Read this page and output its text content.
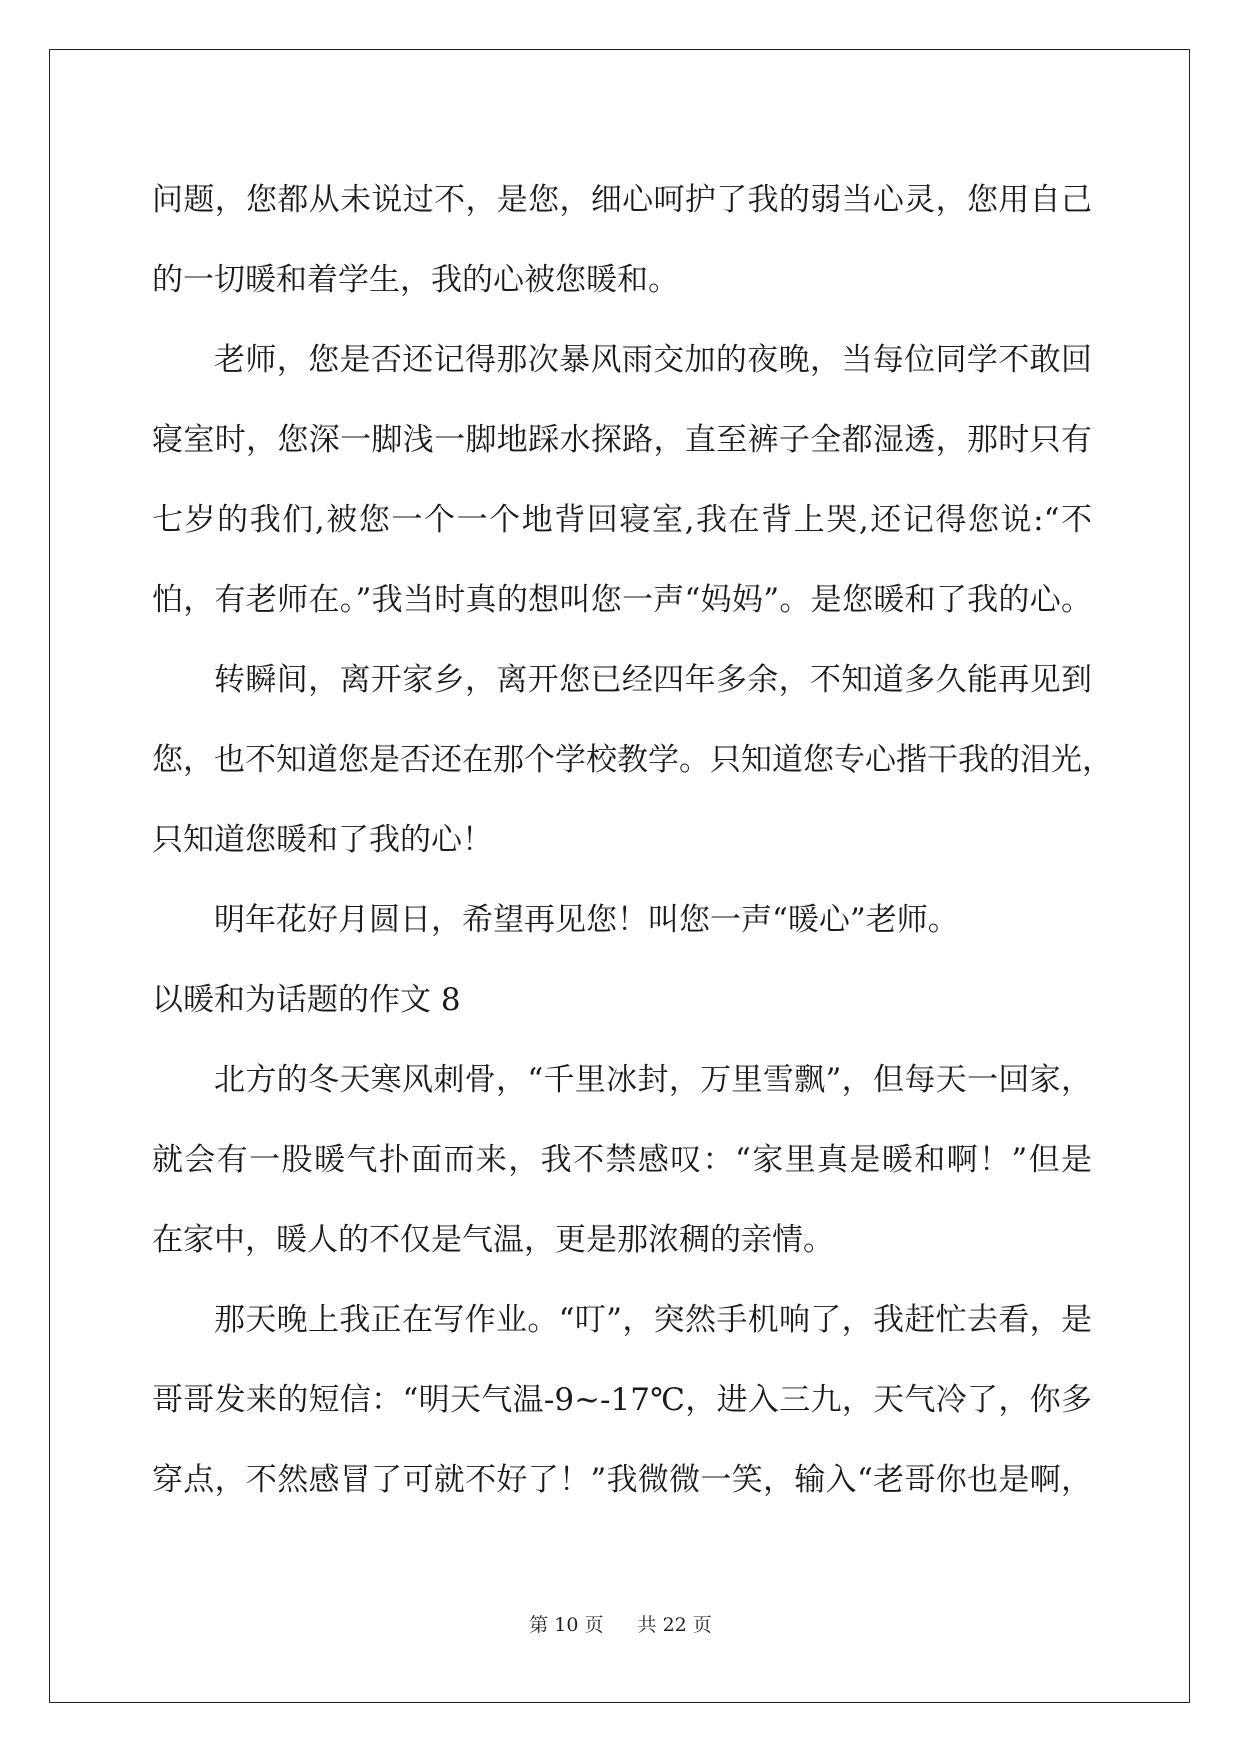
问题，您都从未说过不，是您，细心呵护了我的弱当心灵，您用自己
的一切暖和着学生，我的心被您暖和。
老师，您是否还记得那次暴风雨交加的夜晚，当每位同学不敢回
寝室时，您深一脚浅一脚地踩水探路，直至裤子全都湿透，那时只有
七岁的我们,被您一个一个地背回寝室,我在背上哭,还记得您说:“不
怕，有老师在。”我当时真的想叫您一声“妈妈”。是您暖和了我的心。
转瞬间，离开家乡，离开您已经四年多余，不知道多久能再见到
您，也不知道您是否还在那个学校教学。只知道您专心揩干我的泪光，
只知道您暖和了我的心！
明年花好月圆日，希望再见您！叫您一声“暖心”老师。
以暖和为话题的作文 8
北方的冬天寒风刺骨，“千里冰封，万里雪飘”，但每天一回家，
就会有一股暖气扑面而来，我不禁感叹：“家里真是暖和啊！”但是
在家中，暖人的不仅是气温，更是那浓稠的亲情。
那天晚上我正在写作业。“叮”，突然手机响了，我赶忙去看，是
哥哥发来的短信：“明天气温-9~-17℃，进入三九，天气冷了，你多
穿点，不然感冒了可就不好了！”我微微一笑，输入“老哥你也是啊，
第 10 页 共 22 页
